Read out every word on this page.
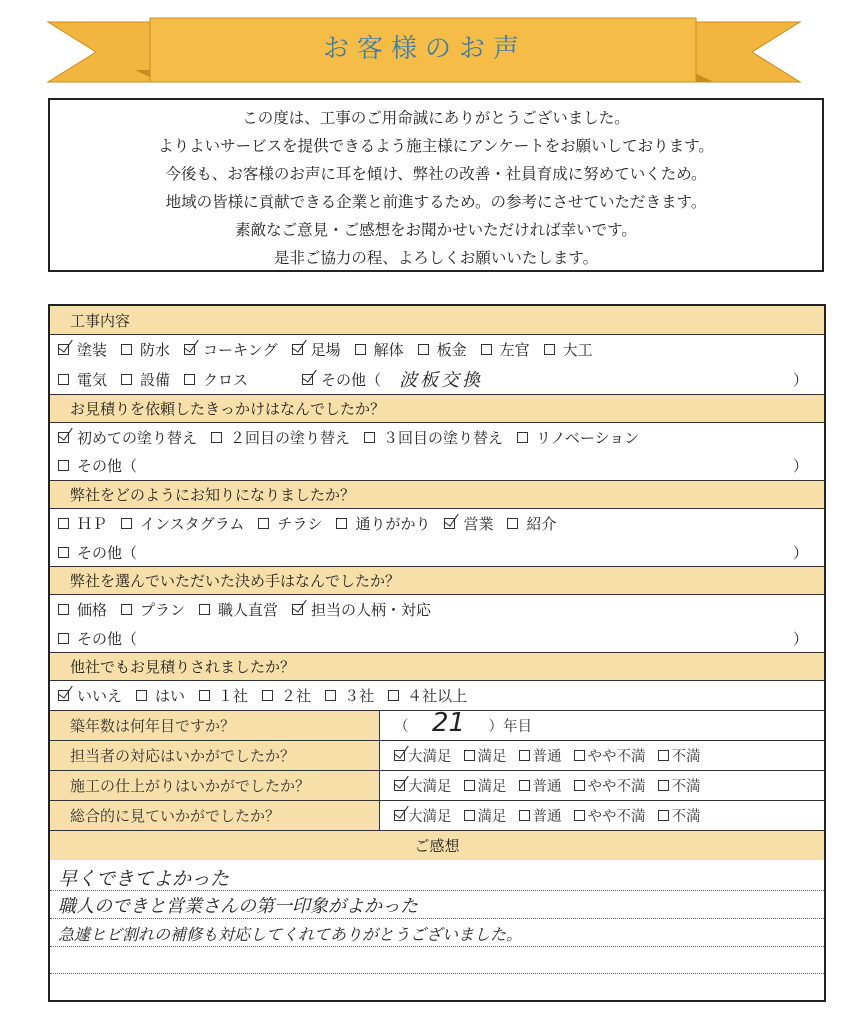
お客様のお声
この度は、工事のご用命誠にありがとうございました。
よりよいサービスを提供できるよう施主様にアンケートをお願いしております。
今後も、お客様のお声に耳を傾け、弊社の改善・社員育成に努めていくため。
地域の皆様に貢献できる企業と前進するため。の参考にさせていただきます。
素敵なご意見・ご感想をお聞かせいただければ幸いです。
是非ご協力の程、よろしくお願いいたします。
工事内容
塗装 防水 コーキング 足場 解体 板金 左官 大工
電気 設備 クロス	その他（ 波板交換	）
お見積りを依頼したきっかけはなんでしたか？
初めての塗り替え ２回目の塗り替え ３回目の塗り替え リノベーション
その他（	）
弊社をどのようにお知りになりましたか？
ＨＰ インスタグラム チラシ 通りがかり 営業 紹介
その他（	）
弊社を選んでいただいた決め手はなんでしたか？
価格 プラン 職人直営 担当の人柄・対応
その他（	）
他社でもお見積りされましたか？
いいえ はい １社 ２社 ３社 ４社以上
築年数は何年目ですか？	（ 21	）年目
担当者の対応はいかがでしたか？	大満足 満足 普通 やや不満 不満
施工の仕上がりはいかがでしたか？	大満足 満足 普通 やや不満 不満
総合的に見ていかがでしたか？	大満足 満足 普通 やや不満 不満
ご感想
早くできてよかった
職人のできと営業さんの第一印象がよかった
急遽ヒビ割れの補修も対応してくれてありがとうございました。
